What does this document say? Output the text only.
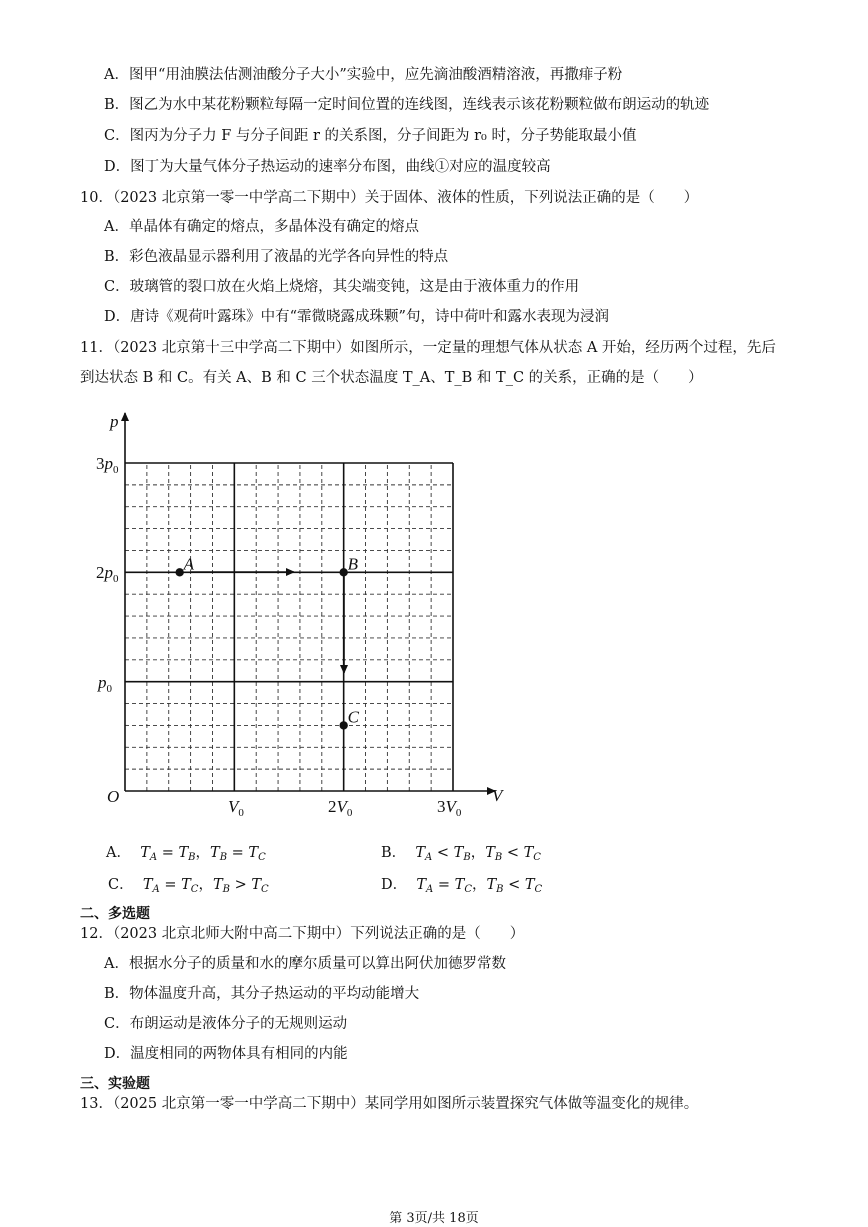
A．图甲“用油膜法估测油酸分子大小”实验中，应先滴油酸酒精溶液，再撒痱子粉
B．图乙为水中某花粉颗粒每隔一定时间位置的连线图，连线表示该花粉颗粒做布朗运动的轨迹
C．图丙为分子力 F 与分子间距 r 的关系图，分子间距为 r₀ 时，分子势能取最小值
D．图丁为大量气体分子热运动的速率分布图，曲线①对应的温度较高
10．（2023 北京第一零一中学高二下期中）关于固体、液体的性质，下列说法正确的是（　　）
A．单晶体有确定的熔点，多晶体没有确定的熔点
B．彩色液晶显示器利用了液晶的光学各向异性的特点
C．玻璃管的裂口放在火焰上烧熔，其尖端变钝，这是由于液体重力的作用
D．唐诗《观荷叶露珠》中有“霏微晓露成珠颗”句，诗中荷叶和露水表现为浸润
11．（2023 北京第十三中学高二下期中）如图所示，一定量的理想气体从状态 A 开始，经历两个过程，先后
到达状态 B 和 C。有关 A、B 和 C 三个状态温度 T_A、T_B 和 T_C 的关系，正确的是（　　）
p
V
O
$p_0$
$2p_0$
$3p_0$
$V_0$	$2V_0$	$3V_0$
A	B
C
A． $T_A = T_B$，$T_B = T_C$	B． $T_A < T_B$，$T_B < T_C$
C． $T_A = T_C$，$T_B > T_C$	D． $T_A = T_C$，$T_B < T_C$
二、多选题
12．（2023 北京北师大附中高二下期中）下列说法正确的是（　　）
A．根据水分子的质量和水的摩尔质量可以算出阿伏加德罗常数
B．物体温度升高，其分子热运动的平均动能增大
C．布朗运动是液体分子的无规则运动
D．温度相同的两物体具有相同的内能
三、实验题
13．（2025 北京第一零一中学高二下期中）某同学用如图所示装置探究气体做等温变化的规律。
第 3页/共 18页
